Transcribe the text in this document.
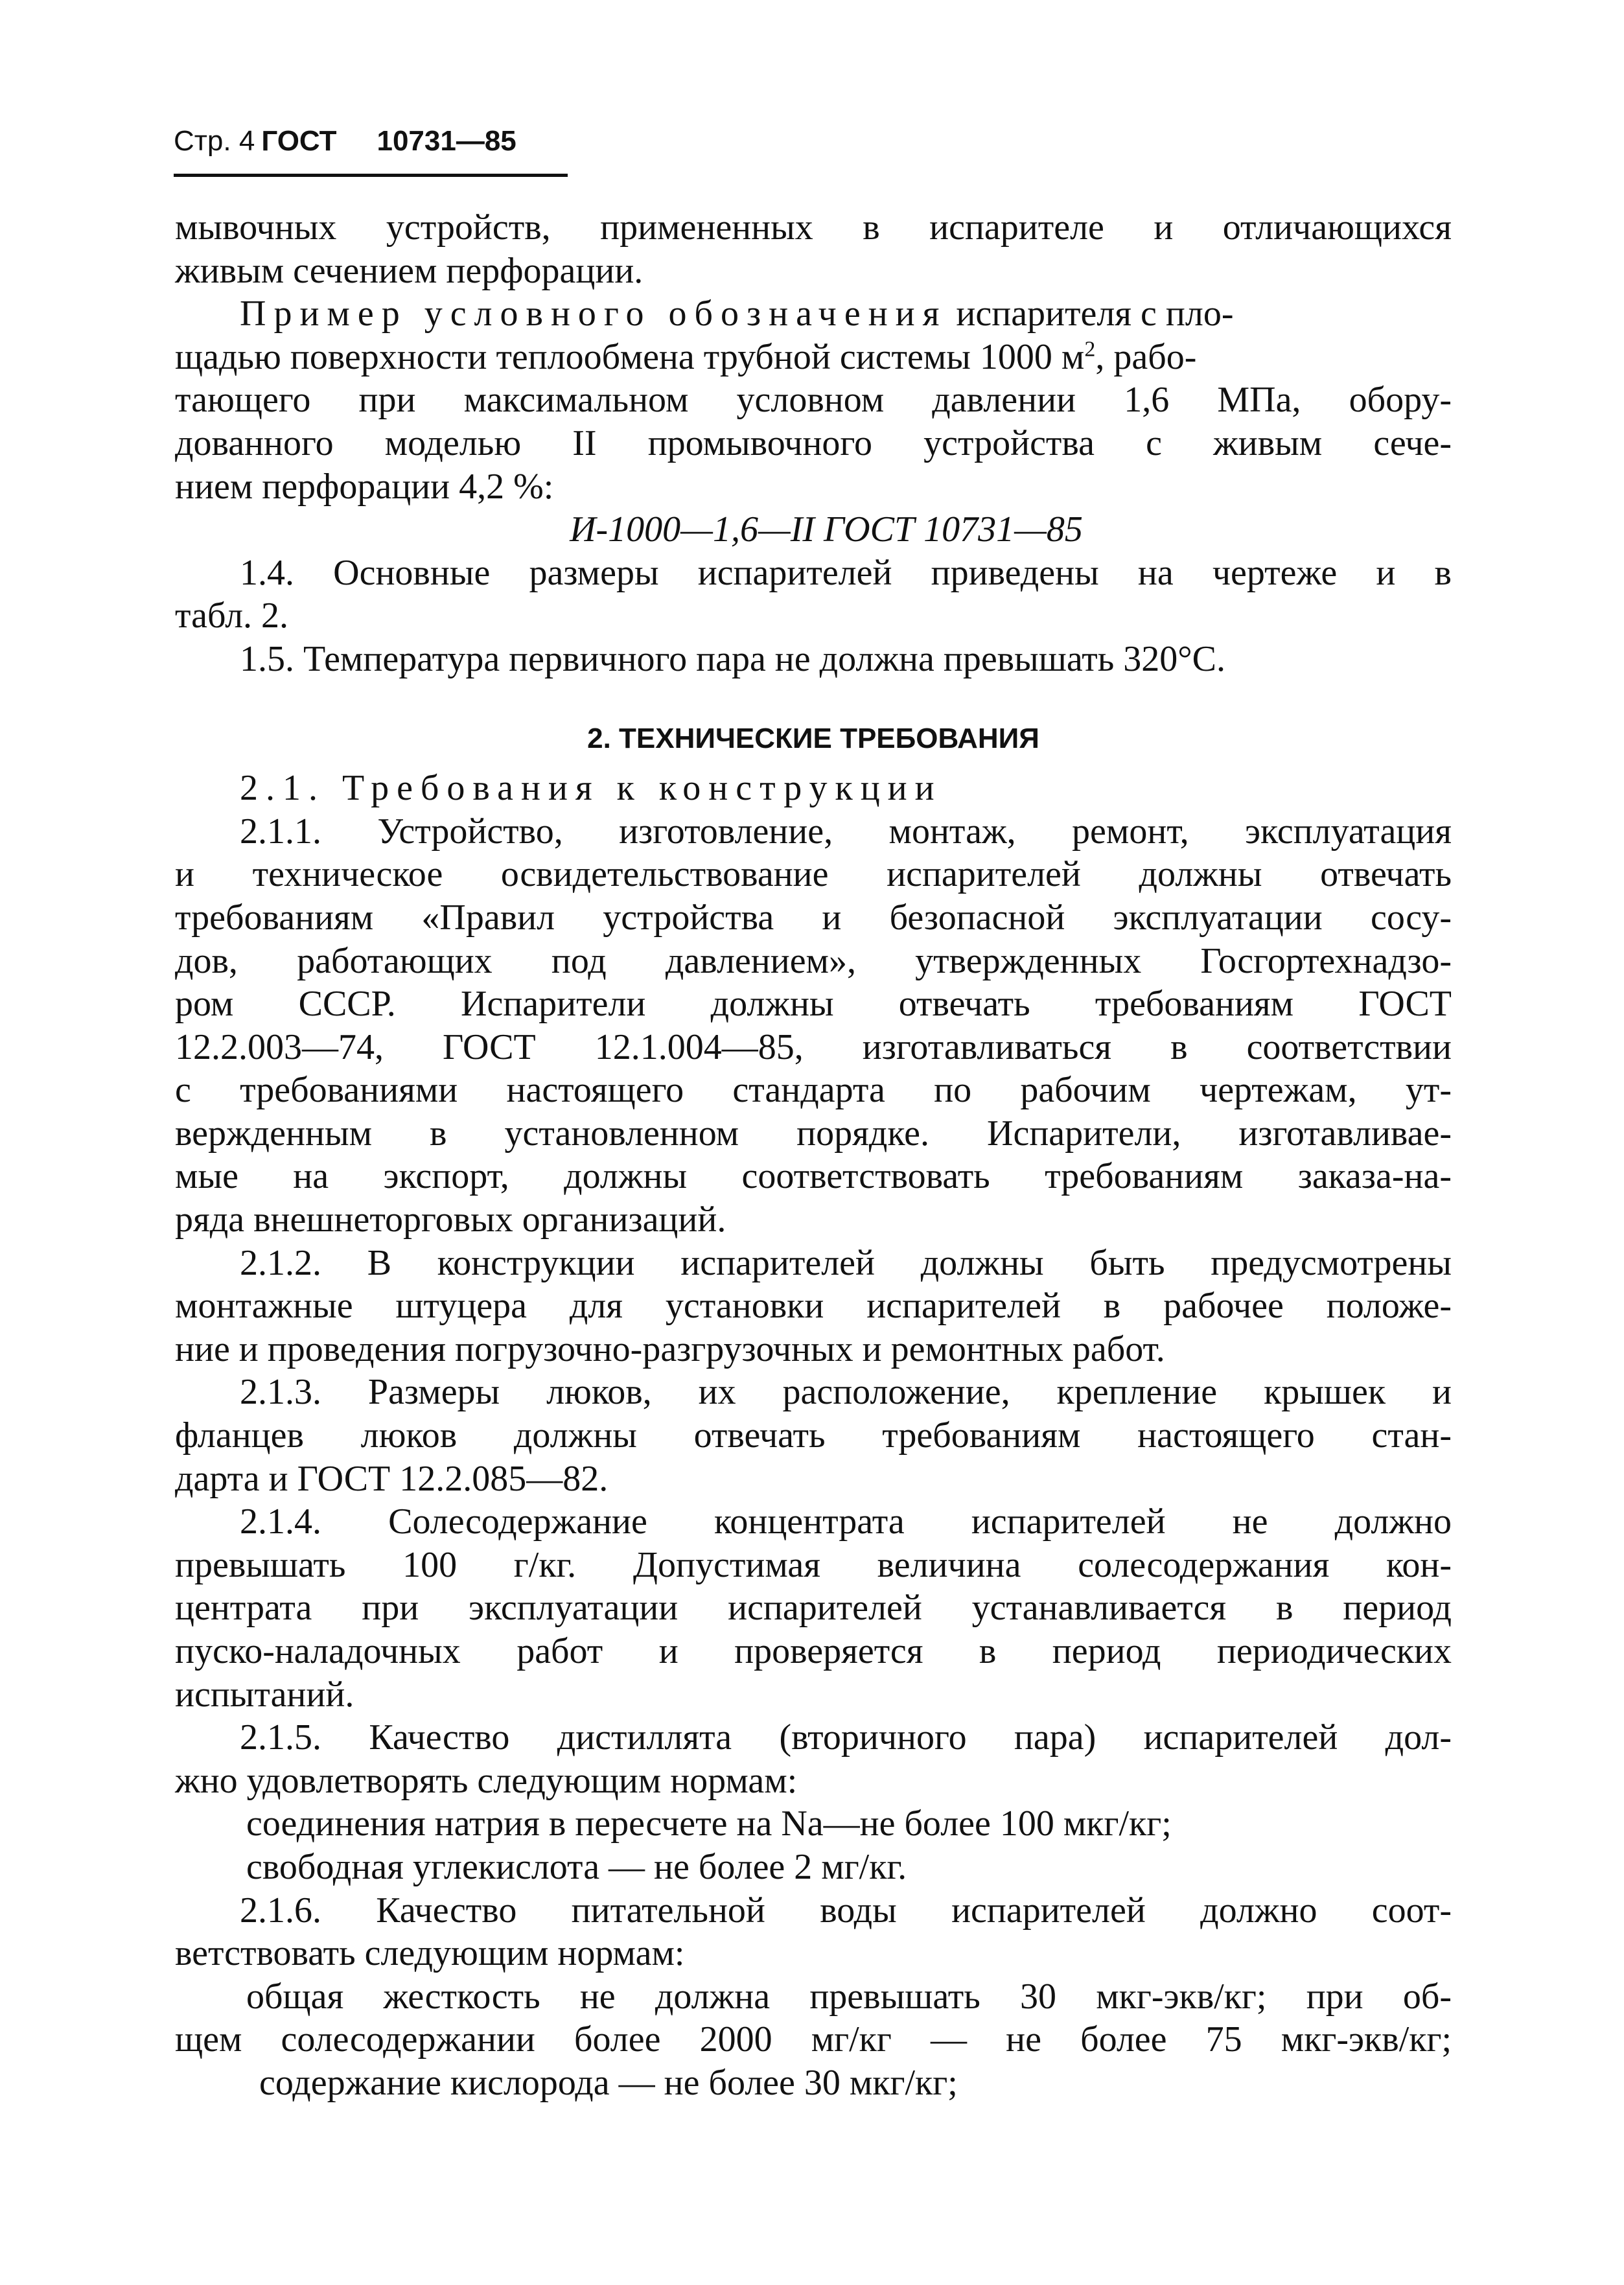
Стр. 4 ГОСТ 10731—85
мывочных устройств, примененных в испарителе и отличающихся
живым сечением перфорации.
Пример условного обозначения испарителя с пло-
щадью поверхности теплообмена трубной системы 1000 $м^2$, рабо-
тающего при максимальном условном давлении 1,6 МПа, обору-
дованного моделью II промывочного устройства с живым сече-
нием перфорации 4,2 %:
И-1000—1,6—II ГОСТ 10731—85
1.4. Основные размеры испарителей приведены на чертеже и в
табл. 2.
1.5. Температура первичного пара не должна превышать 320°С.
2. ТЕХНИЧЕСКИЕ ТРЕБОВАНИЯ
2.1. Требования к конструкции
2.1.1. Устройство, изготовление, монтаж, ремонт, эксплуатация
и техническое освидетельствование испарителей должны отвечать
требованиям «Правил устройства и безопасной эксплуатации сосу-
дов, работающих под давлением», утвержденных Госгортехнадзо-
ром СССР. Испарители должны отвечать требованиям ГОСТ
12.2.003—74, ГОСТ 12.1.004—85, изготавливаться в соответствии
с требованиями настоящего стандарта по рабочим чертежам, ут-
вержденным в установленном порядке. Испарители, изготавливае-
мые на экспорт, должны соответствовать требованиям заказа-на-
ряда внешнеторговых организаций.
2.1.2. В конструкции испарителей должны быть предусмотрены
монтажные штуцера для установки испарителей в рабочее положе-
ние и проведения погрузочно-разгрузочных и ремонтных работ.
2.1.3. Размеры люков, их расположение, крепление крышек и
фланцев люков должны отвечать требованиям настоящего стан-
дарта и ГОСТ 12.2.085—82.
2.1.4. Солесодержание концентрата испарителей не должно
превышать 100 г/кг. Допустимая величина солесодержания кон-
центрата при эксплуатации испарителей устанавливается в период
пуско-наладочных работ и проверяется в период периодических
испытаний.
2.1.5. Качество дистиллята (вторичного пара) испарителей дол-
жно удовлетворять следующим нормам:
соединения натрия в пересчете на Na—не более 100 мкг/кг;
свободная углекислота — не более 2 мг/кг.
2.1.6. Качество питательной воды испарителей должно соот-
ветствовать следующим нормам:
общая жесткость не должна превышать 30 мкг-экв/кг; при об-
щем солесодержании более 2000 мг/кг — не более 75 мкг-экв/кг;
содержание кислорода — не более 30 мкг/кг;
